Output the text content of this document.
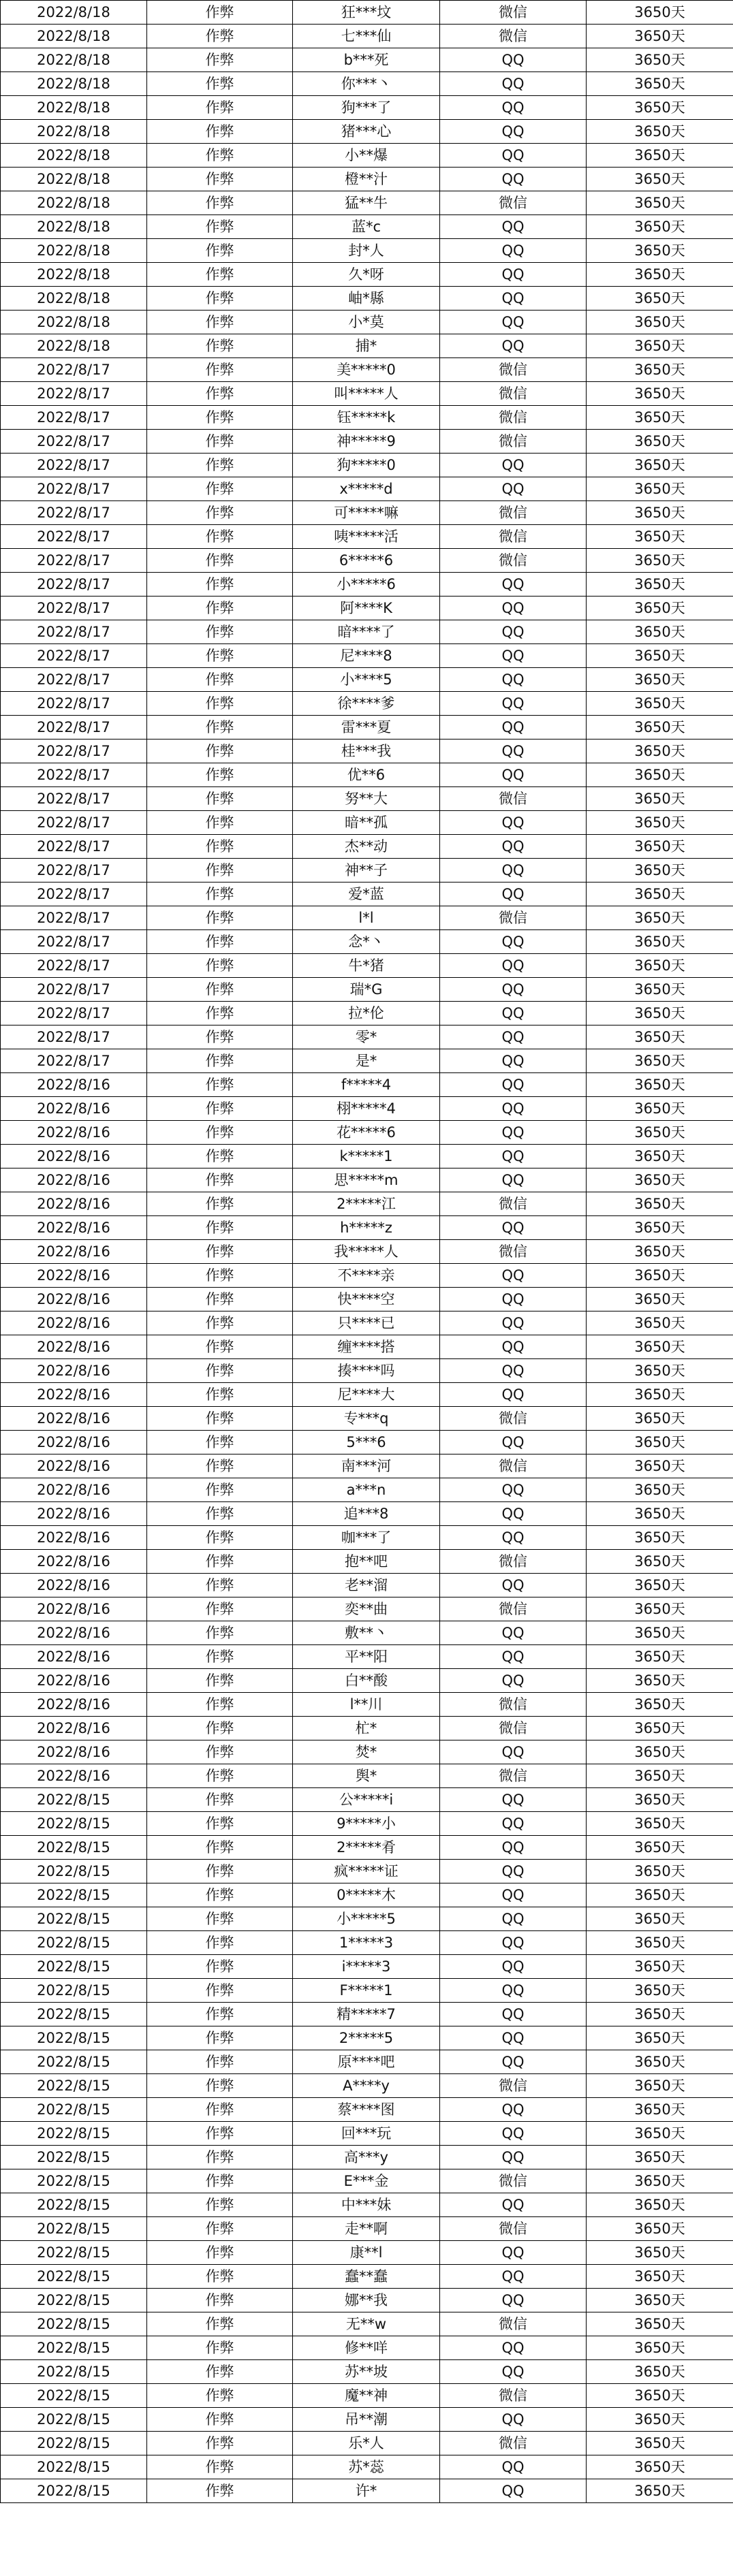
2022/8/18	作弊	狂***坟	微信	3650天
2022/8/18	作弊	七***仙	微信	3650天
2022/8/18	作弊	b***死	QQ	3650天
2022/8/18	作弊	你***丶	QQ	3650天
2022/8/18	作弊	狗***了	QQ	3650天
2022/8/18	作弊	猪***心	QQ	3650天
2022/8/18	作弊	小**爆	QQ	3650天
2022/8/18	作弊	橙**汁	QQ	3650天
2022/8/18	作弊	猛**牛	微信	3650天
2022/8/18	作弊	蓝*c	QQ	3650天
2022/8/18	作弊	封*人	QQ	3650天
2022/8/18	作弊	久*呀	QQ	3650天
2022/8/18	作弊	岫*縣	QQ	3650天
2022/8/18	作弊	小*莫	QQ	3650天
2022/8/18	作弊	捕*	QQ	3650天
2022/8/17	作弊	美*****0	微信	3650天
2022/8/17	作弊	叫*****人	微信	3650天
2022/8/17	作弊	钰*****k	微信	3650天
2022/8/17	作弊	神*****9	微信	3650天
2022/8/17	作弊	狗*****0	QQ	3650天
2022/8/17	作弊	x*****d	QQ	3650天
2022/8/17	作弊	可*****嘛	微信	3650天
2022/8/17	作弊	咦*****活	微信	3650天
2022/8/17	作弊	6*****6	微信	3650天
2022/8/17	作弊	小*****6	QQ	3650天
2022/8/17	作弊	阿****K	QQ	3650天
2022/8/17	作弊	暗****了	QQ	3650天
2022/8/17	作弊	尼****8	QQ	3650天
2022/8/17	作弊	小****5	QQ	3650天
2022/8/17	作弊	徐****爹	QQ	3650天
2022/8/17	作弊	雷***夏	QQ	3650天
2022/8/17	作弊	桂***我	QQ	3650天
2022/8/17	作弊	优**6	QQ	3650天
2022/8/17	作弊	努**大	微信	3650天
2022/8/17	作弊	暗**孤	QQ	3650天
2022/8/17	作弊	杰**动	QQ	3650天
2022/8/17	作弊	神**子	QQ	3650天
2022/8/17	作弊	爱*蓝	QQ	3650天
2022/8/17	作弊	l*l	微信	3650天
2022/8/17	作弊	念*丶	QQ	3650天
2022/8/17	作弊	牛*猪	QQ	3650天
2022/8/17	作弊	瑞*G	QQ	3650天
2022/8/17	作弊	拉*伦	QQ	3650天
2022/8/17	作弊	零*	QQ	3650天
2022/8/17	作弊	是*	QQ	3650天
2022/8/16	作弊	f*****4	QQ	3650天
2022/8/16	作弊	栩*****4	QQ	3650天
2022/8/16	作弊	花*****6	QQ	3650天
2022/8/16	作弊	k*****1	QQ	3650天
2022/8/16	作弊	思*****m	QQ	3650天
2022/8/16	作弊	2*****江	微信	3650天
2022/8/16	作弊	h*****z	QQ	3650天
2022/8/16	作弊	我*****人	微信	3650天
2022/8/16	作弊	不****亲	QQ	3650天
2022/8/16	作弊	快****空	QQ	3650天
2022/8/16	作弊	只****已	QQ	3650天
2022/8/16	作弊	缠****搭	QQ	3650天
2022/8/16	作弊	揍****吗	QQ	3650天
2022/8/16	作弊	尼****大	QQ	3650天
2022/8/16	作弊	专***q	微信	3650天
2022/8/16	作弊	5***6	QQ	3650天
2022/8/16	作弊	南***河	微信	3650天
2022/8/16	作弊	a***n	QQ	3650天
2022/8/16	作弊	追***8	QQ	3650天
2022/8/16	作弊	咖***了	QQ	3650天
2022/8/16	作弊	抱**吧	微信	3650天
2022/8/16	作弊	老**溜	QQ	3650天
2022/8/16	作弊	奕**曲	微信	3650天
2022/8/16	作弊	敷**丶	QQ	3650天
2022/8/16	作弊	平**阳	QQ	3650天
2022/8/16	作弊	白**酸	QQ	3650天
2022/8/16	作弊	l**川	微信	3650天
2022/8/16	作弊	杧*	微信	3650天
2022/8/16	作弊	焚*	QQ	3650天
2022/8/16	作弊	舆*	微信	3650天
2022/8/15	作弊	公*****i	QQ	3650天
2022/8/15	作弊	9*****小	QQ	3650天
2022/8/15	作弊	2*****肴	QQ	3650天
2022/8/15	作弊	疯*****证	QQ	3650天
2022/8/15	作弊	0*****木	QQ	3650天
2022/8/15	作弊	小*****5	QQ	3650天
2022/8/15	作弊	1*****3	QQ	3650天
2022/8/15	作弊	i*****3	QQ	3650天
2022/8/15	作弊	F*****1	QQ	3650天
2022/8/15	作弊	精*****7	QQ	3650天
2022/8/15	作弊	2*****5	QQ	3650天
2022/8/15	作弊	原****吧	QQ	3650天
2022/8/15	作弊	A****y	微信	3650天
2022/8/15	作弊	蔡****图	QQ	3650天
2022/8/15	作弊	回***玩	QQ	3650天
2022/8/15	作弊	高***y	QQ	3650天
2022/8/15	作弊	E***金	微信	3650天
2022/8/15	作弊	中***妹	QQ	3650天
2022/8/15	作弊	走**啊	微信	3650天
2022/8/15	作弊	康**l	QQ	3650天
2022/8/15	作弊	蠢**蠢	QQ	3650天
2022/8/15	作弊	娜**我	QQ	3650天
2022/8/15	作弊	无**w	微信	3650天
2022/8/15	作弊	修**咩	QQ	3650天
2022/8/15	作弊	苏**坡	QQ	3650天
2022/8/15	作弊	魔**神	微信	3650天
2022/8/15	作弊	吊**潮	QQ	3650天
2022/8/15	作弊	乐*人	微信	3650天
2022/8/15	作弊	苏*蕊	QQ	3650天
2022/8/15	作弊	许*	QQ	3650天
